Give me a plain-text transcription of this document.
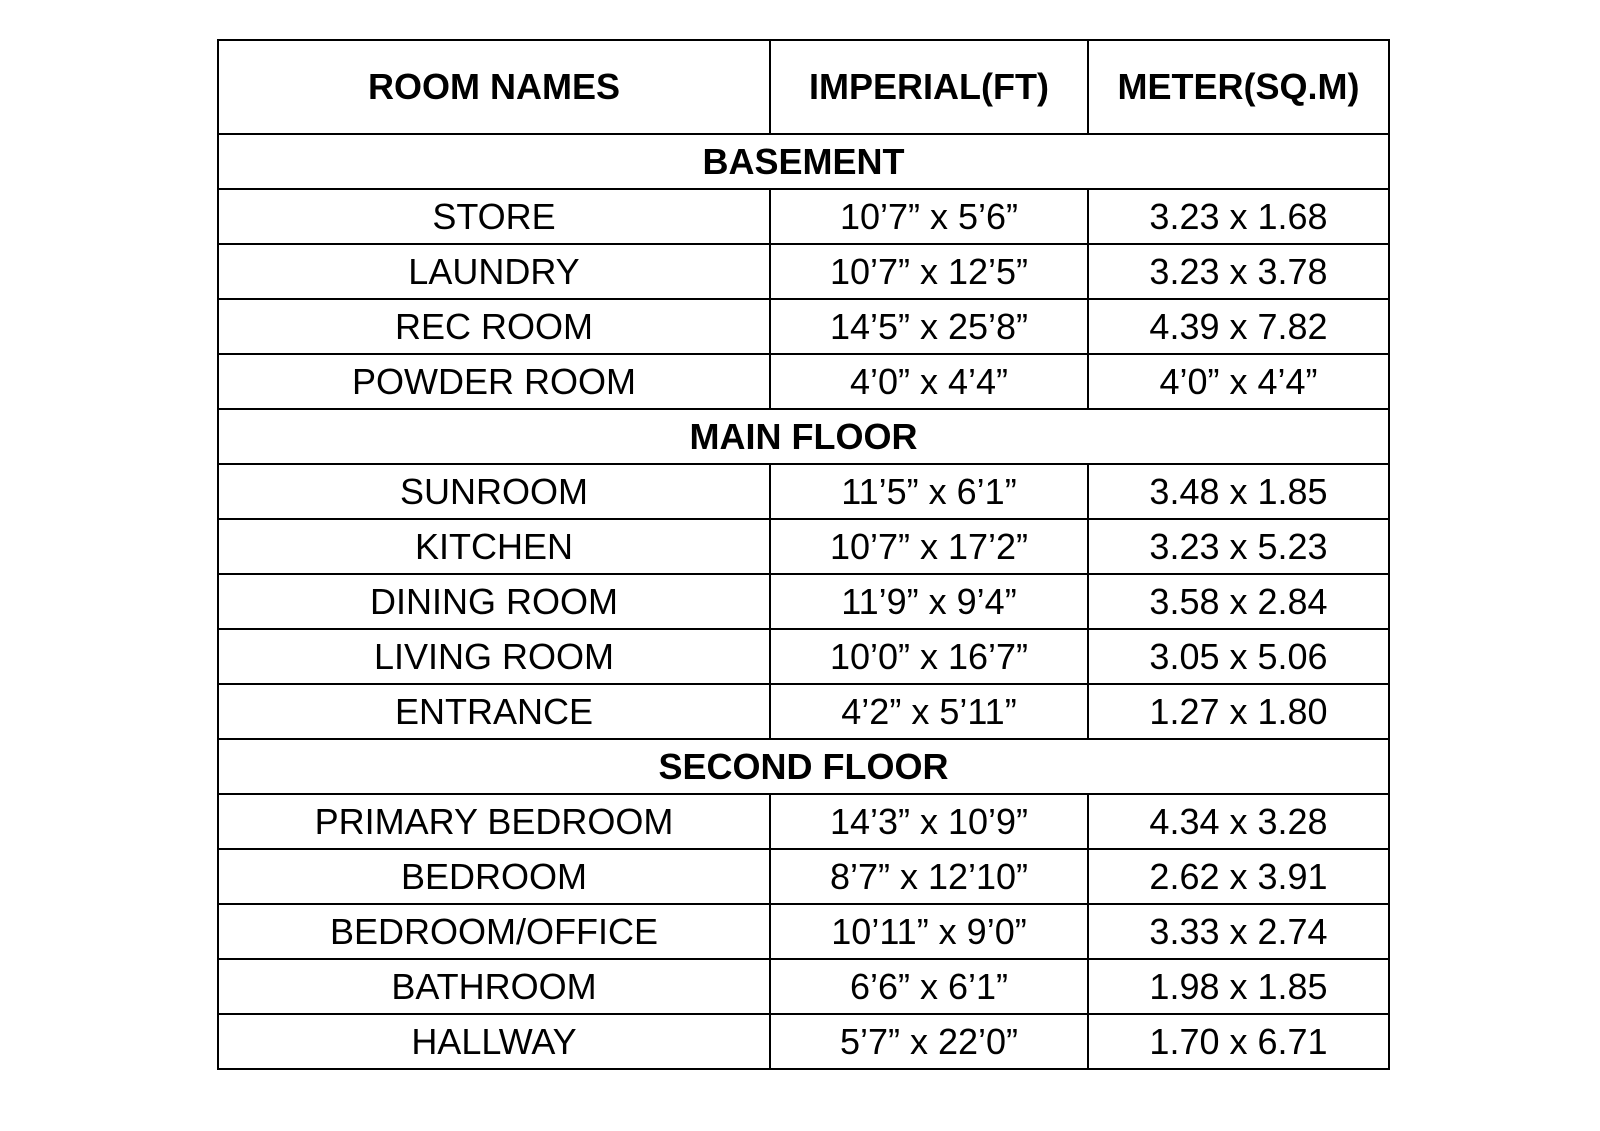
ROOM NAMES	IMPERIAL(FT)	METER(SQ.M)
BASEMENT		
STORE	10’7” x 5’6”	3.23 x 1.68
LAUNDRY	10’7” x 12’5”	3.23 x 3.78
REC ROOM	14’5” x 25’8”	4.39 x 7.82
POWDER ROOM	4’0” x 4’4”	4’0” x 4’4”
MAIN FLOOR		
SUNROOM	11’5” x 6’1”	3.48 x 1.85
KITCHEN	10’7” x 17’2”	3.23 x 5.23
DINING ROOM	11’9” x 9’4”	3.58 x 2.84
LIVING ROOM	10’0” x 16’7”	3.05 x 5.06
ENTRANCE	4’2” x 5’11”	1.27 x 1.80
SECOND FLOOR		
PRIMARY BEDROOM	14’3” x 10’9”	4.34 x 3.28
BEDROOM	8’7” x 12’10”	2.62 x 3.91
BEDROOM/OFFICE	10’11” x 9’0”	3.33 x 2.74
BATHROOM	6’6” x 6’1”	1.98 x 1.85
HALLWAY	5’7” x 22’0”	1.70 x 6.71
